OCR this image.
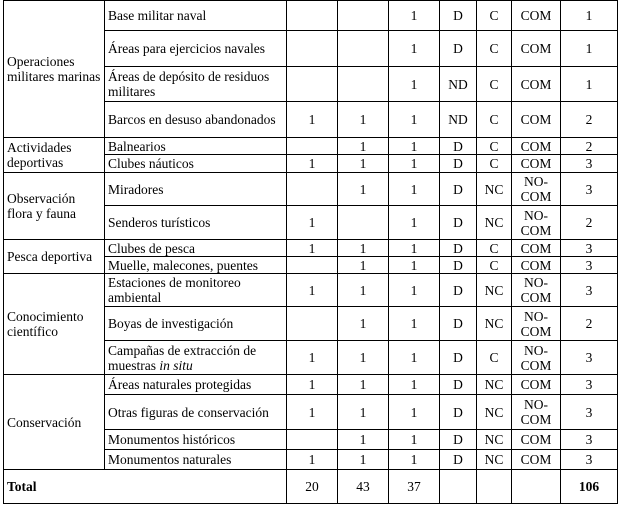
Operaciones militares marinas	Base militar naval			1	D	C	COM	1
	Áreas para ejercicios navales			1	D	C	COM	1
	Áreas de depósito de residuos militares			1	ND	C	COM	1
	Barcos en desuso abandonados	1	1	1	ND	C	COM	2
Actividades deportivas	Balnearios		1	1	D	C	COM	2
	Clubes náuticos	1	1	1	D	C	COM	3
Observación flora y fauna	Miradores		1	1	D	NC	NO-COM	3
	Senderos turísticos	1		1	D	NC	NO-COM	2
Pesca deportiva	Clubes de pesca	1	1	1	D	C	COM	3
	Muelle, malecones, puentes		1	1	D	C	COM	3
Conocimiento científico	Estaciones de monitoreo ambiental	1	1	1	D	NC	NO-COM	3
	Boyas de investigación		1	1	D	NC	NO-COM	2
	Campañas de extracción de muestras in situ	1	1	1	D	C	NO-COM	3
Conservación	Áreas naturales protegidas	1	1	1	D	NC	COM	3
	Otras figuras de conservación	1	1	1	D	NC	NO-COM	3
	Monumentos históricos		1	1	D	NC	COM	3
	Monumentos naturales	1	1	1	D	NC	COM	3
Total		20	43	37				106
